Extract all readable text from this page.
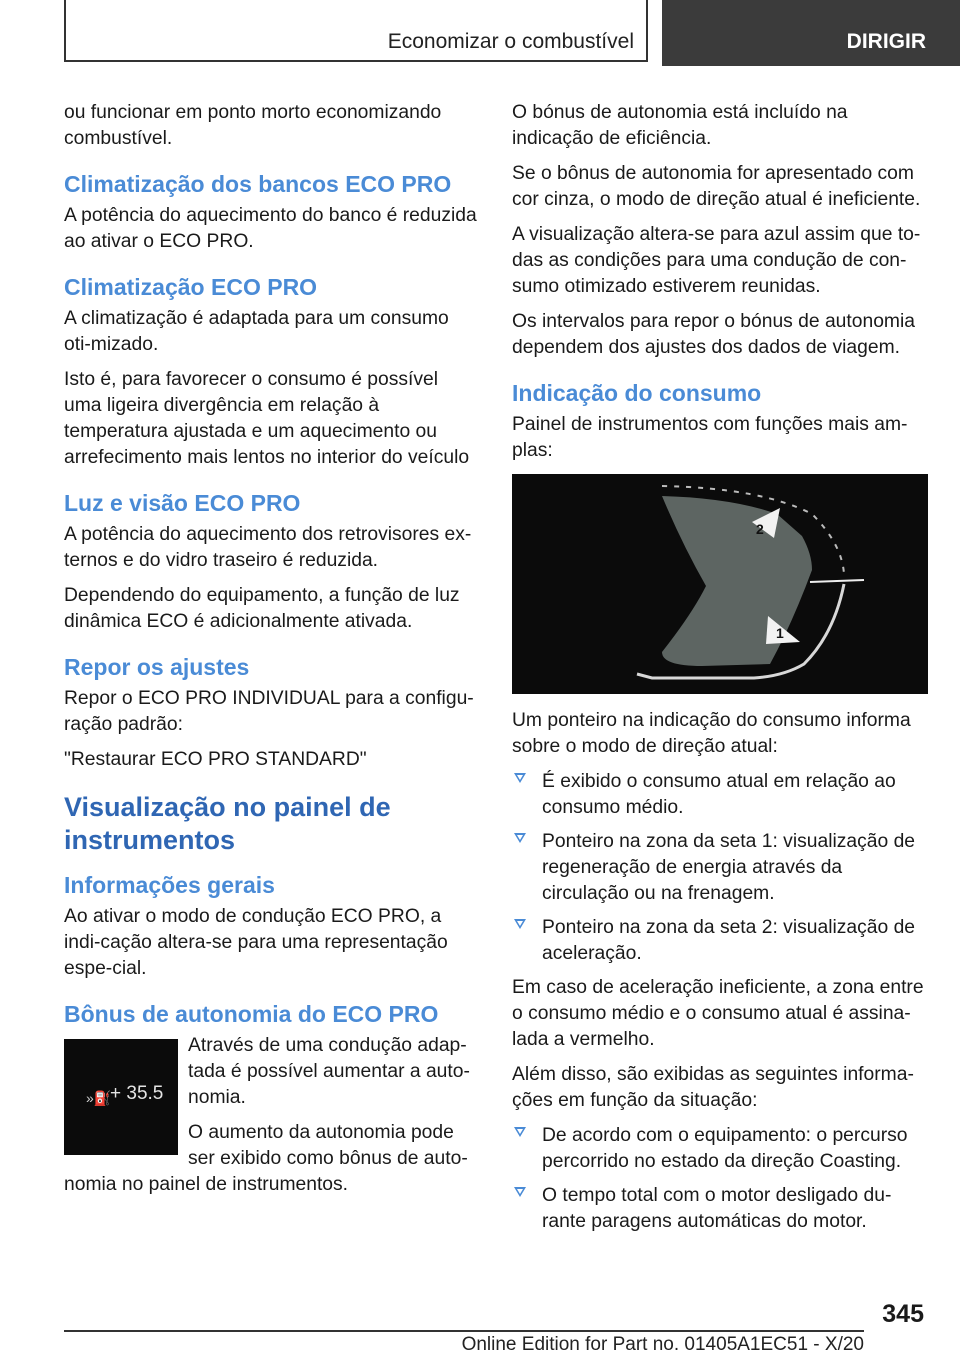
Economizar o combustível	DIRIGIR

ou funcionar em ponto morto economizando combustível.

Climatização dos bancos ECO PRO

A potência do aquecimento do banco é reduzida ao ativar o ECO PRO.

Climatização ECO PRO

A climatização é adaptada para um consumo oti-mizado.

Isto é, para favorecer o consumo é possível uma ligeira divergência em relação à temperatura ajustada e um aquecimento ou arrefecimento mais lentos no interior do veículo

Luz e visão ECO PRO

A potência do aquecimento dos retrovisores ex-ternos e do vidro traseiro é reduzida.

Dependendo do equipamento, a função de luz dinâmica ECO é adicionalmente ativada.

Repor os ajustes

Repor o ECO PRO INDIVIDUAL para a configu-ração padrão:

"Restaurar ECO PRO STANDARD"

Visualização no painel de instrumentos
Informações gerais

Ao ativar o modo de condução ECO PRO, a indi-cação altera-se para uma representação espe-cial.

Bônus de autonomia do ECO PRO
»⛽
+ 35.5

Através de uma condução adap-tada é possível aumentar a auto-nomia.

O aumento da autonomia pode ser exibido como bônus de auto-nomia no painel de instrumentos.

O bónus de autonomia está incluído na indicação de eficiência.

Se o bônus de autonomia for apresentado com cor cinza, o modo de direção atual é ineficiente.

A visualização altera-se para azul assim que to-das as condições para uma condução de con-sumo otimizado estiverem reunidas.

Os intervalos para repor o bónus de autonomia dependem dos ajustes dos dados de viagem.

Indicação do consumo

Painel de instrumentos com funções mais am-plas:

2
1

Um ponteiro na indicação do consumo informa sobre o modo de direção atual:

É exibido o consumo atual em relação ao consumo médio.
Ponteiro na zona da seta 1: visualização de regeneração de energia através da circulação ou na frenagem.
Ponteiro na zona da seta 2: visualização de aceleração.

Em caso de aceleração ineficiente, a zona entre o consumo médio e o consumo atual é assina-lada a vermelho.

Além disso, são exibidas as seguintes informa-ções em função da situação:

De acordo com o equipamento: o percurso percorrido no estado da direção Coasting.
O tempo total com o motor desligado du-rante paragens automáticas do motor.
345
Online Edition for Part no. 01405A1EC51 - X/20
